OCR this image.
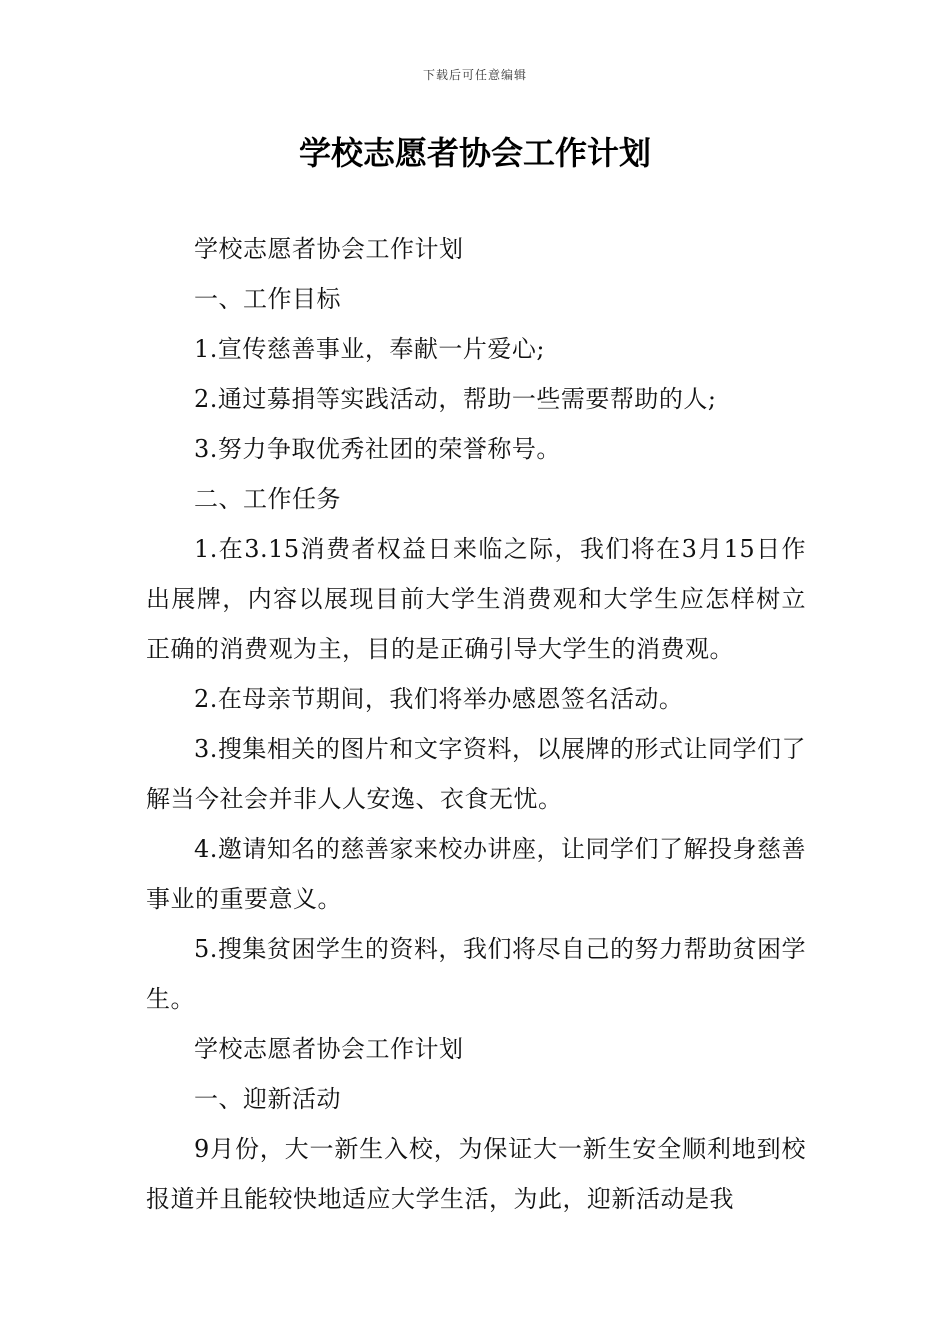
下载后可任意编辑
学校志愿者协会工作计划

学校志愿者协会工作计划

一、工作目标

1.宣传慈善事业，奉献一片爱心;

2.通过募捐等实践活动，帮助一些需要帮助的人;

3.努力争取优秀社团的荣誉称号。

二、工作任务

1.在3.15消费者权益日来临之际，我们将在3月15日作出展牌，内容以展现目前大学生消费观和大学生应怎样树立正确的消费观为主，目的是正确引导大学生的消费观。

2.在母亲节期间，我们将举办感恩签名活动。

3.搜集相关的图片和文字资料，以展牌的形式让同学们了解当今社会并非人人安逸、衣食无忧。

4.邀请知名的慈善家来校办讲座，让同学们了解投身慈善事业的重要意义。

5.搜集贫困学生的资料，我们将尽自己的努力帮助贫困学生。

学校志愿者协会工作计划

一、迎新活动

9月份，大一新生入校，为保证大一新生安全顺利地到校报道并且能较快地适应大学生活，为此，迎新活动是我
